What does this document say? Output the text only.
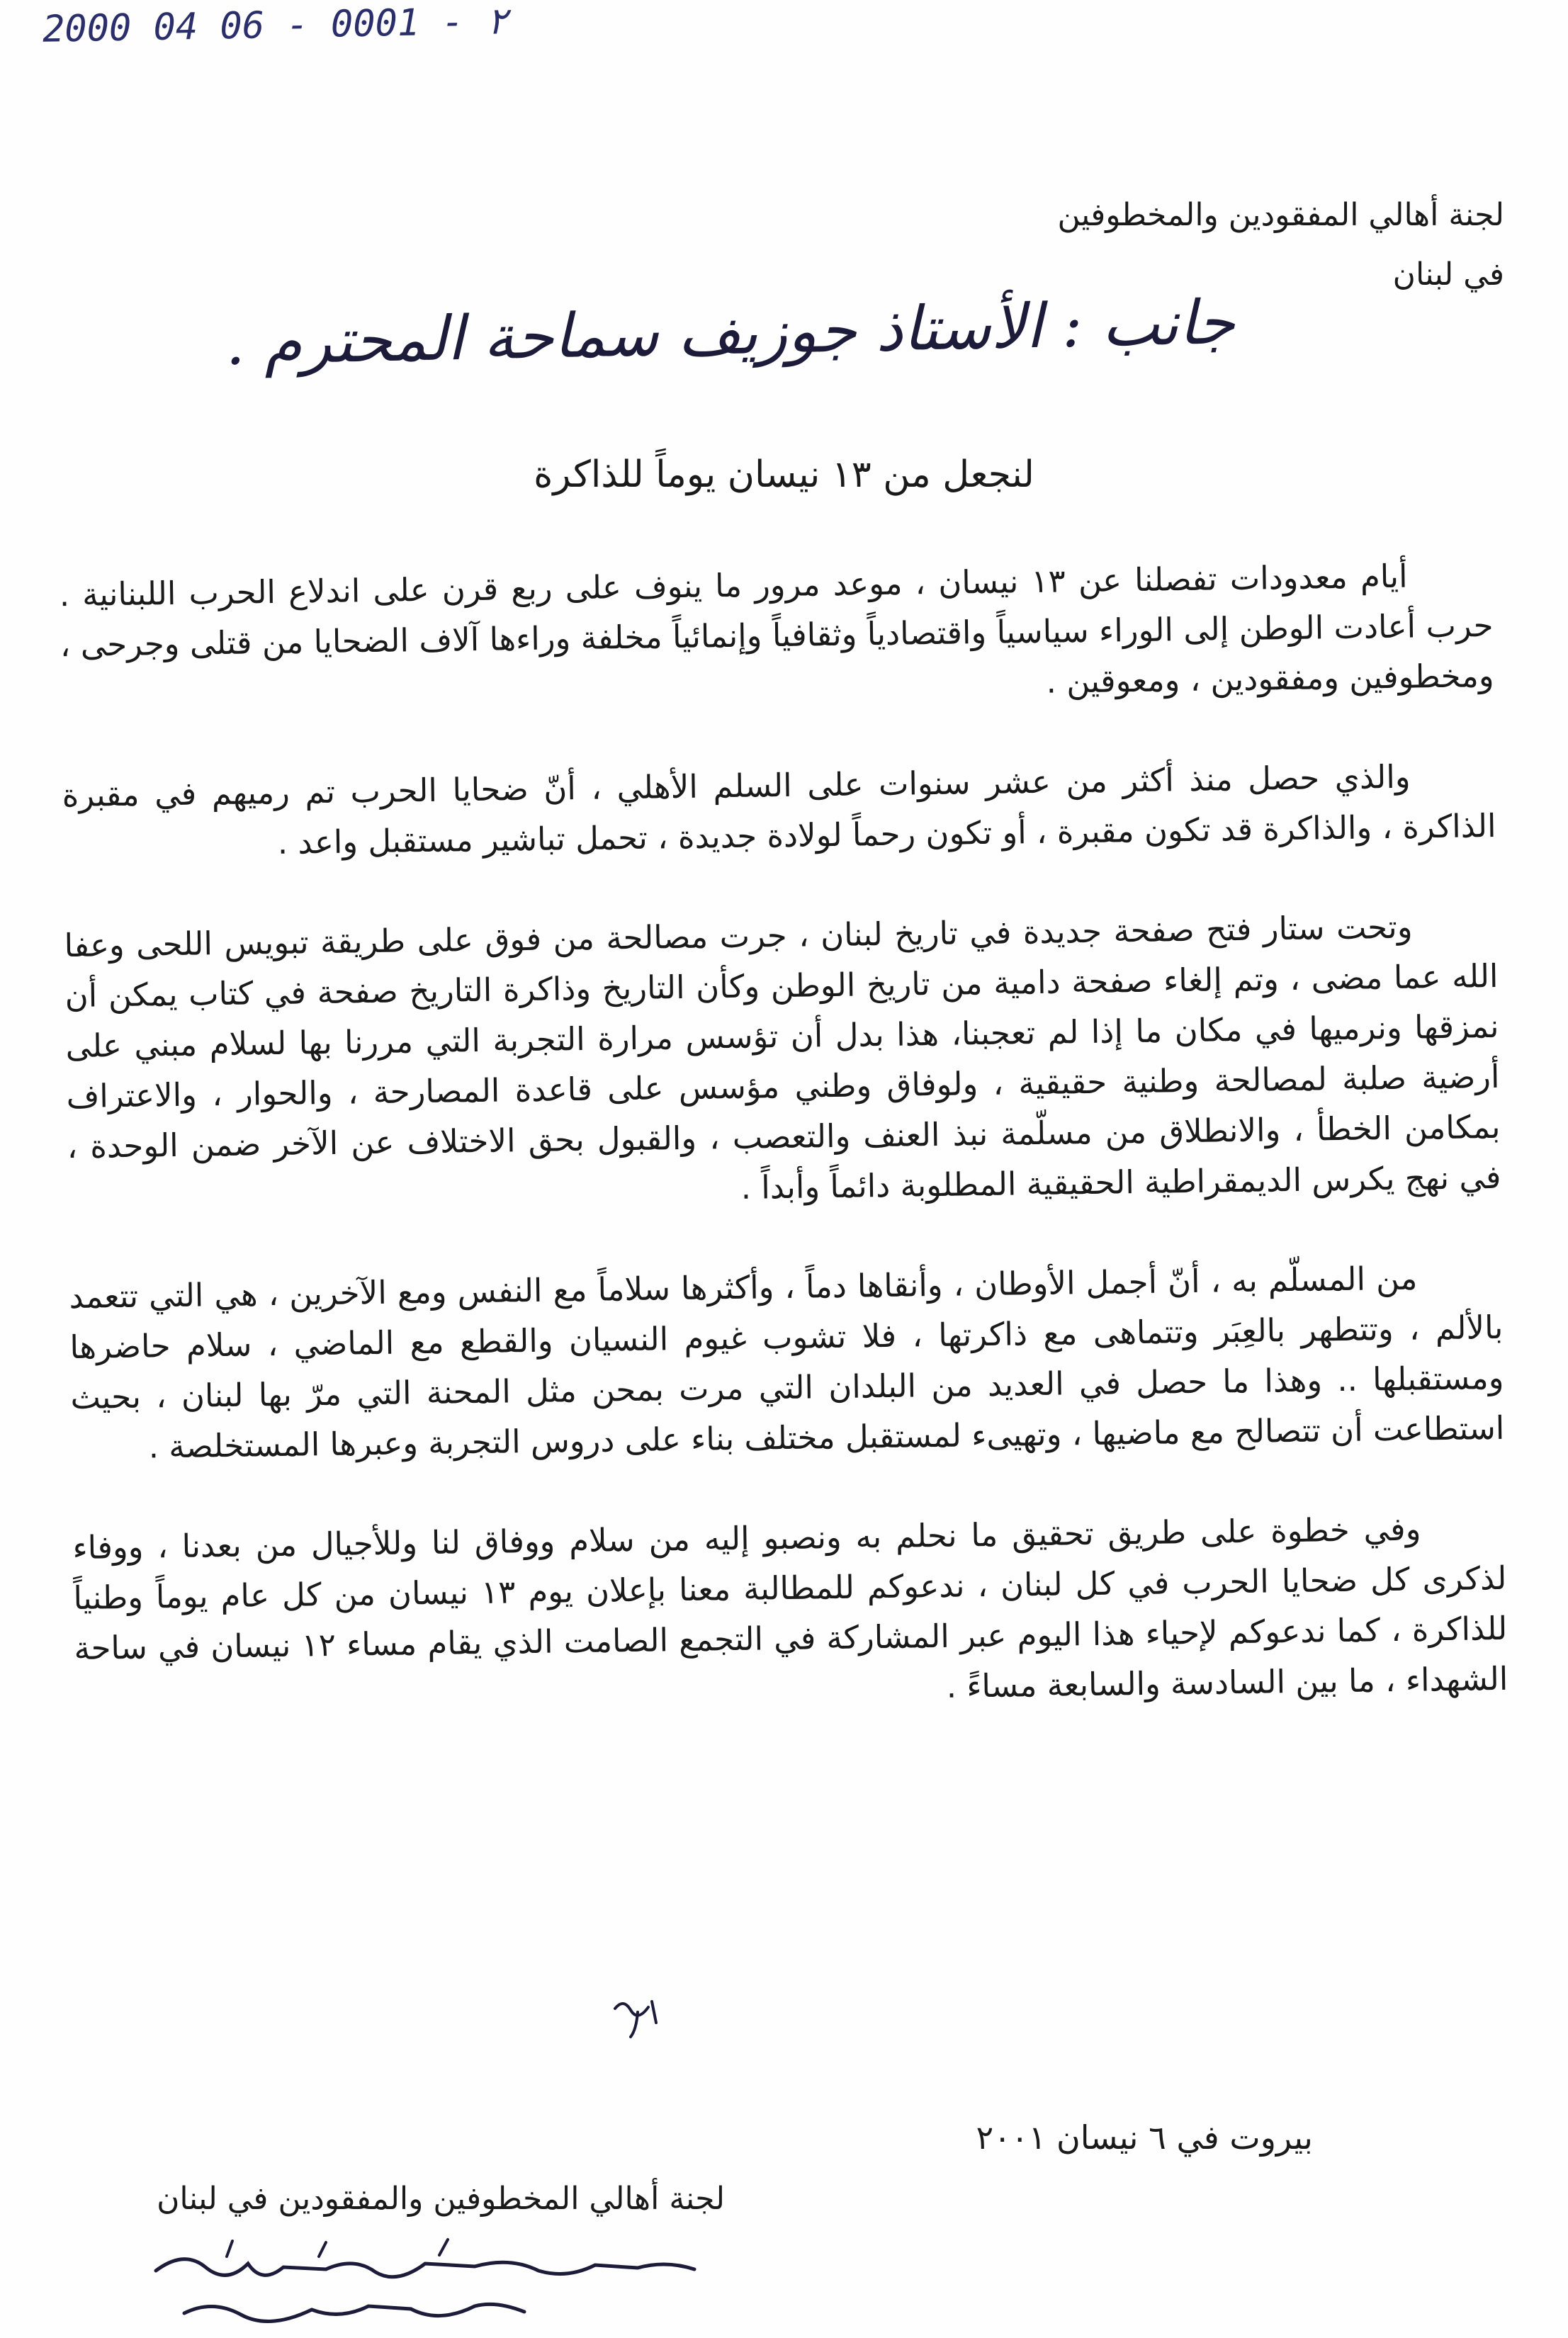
2000 04 06 - 0001 - ٢
لجنة أهالي المفقودين والمخطوفين
في لبنان
جانب : الأستاذ جوزيف سماحة المحترم .
لنجعل من ١٣ نيسان يوماً للذاكرة

أيام معدودات تفصلنا عن ١٣ نيسان ، موعد مرور ما ينوف على ربع قرن على اندلاع الحرب اللبنانية . حرب أعادت الوطن إلى الوراء سياسياً واقتصادياً وثقافياً وإنمائياً مخلفة وراءها آلاف الضحايا من قتلى وجرحى ، ومخطوفين ومفقودين ، ومعوقين .

والذي حصل منذ أكثر من عشر سنوات على السلم الأهلي ، أنّ ضحايا الحرب تم رميهم في مقبرة الذاكرة ، والذاكرة قد تكون مقبرة ، أو تكون رحماً لولادة جديدة ، تحمل تباشير مستقبل واعد .

وتحت ستار فتح صفحة جديدة في تاريخ لبنان ، جرت مصالحة من فوق على طريقة تبويس اللحى وعفا الله عما مضى ، وتم إلغاء صفحة دامية من تاريخ الوطن وكأن التاريخ وذاكرة التاريخ صفحة في كتاب يمكن أن نمزقها ونرميها في مكان ما إذا لم تعجبنا، هذا بدل أن تؤسس مرارة التجربة التي مررنا بها لسلام مبني على أرضية صلبة لمصالحة وطنية حقيقية ، ولوفاق وطني مؤسس على قاعدة المصارحة ، والحوار ، والاعتراف بمكامن الخطأ ، والانطلاق من مسلّمة نبذ العنف والتعصب ، والقبول بحق الاختلاف عن الآخر ضمن الوحدة ، في نهج يكرس الديمقراطية الحقيقية المطلوبة دائماً وأبداً .

من المسلّم به ، أنّ أجمل الأوطان ، وأنقاها دماً ، وأكثرها سلاماً مع النفس ومع الآخرين ، هي التي تتعمد بالألم ، وتتطهر بالعِبَر وتتماهى مع ذاكرتها ، فلا تشوب غيوم النسيان والقطع مع الماضي ، سلام حاضرها ومستقبلها .. وهذا ما حصل في العديد من البلدان التي مرت بمحن مثل المحنة التي مرّ بها لبنان ، بحيث استطاعت أن تتصالح مع ماضيها ، وتهيىء لمستقبل مختلف بناء على دروس التجربة وعبرها المستخلصة .

وفي خطوة على طريق تحقيق ما نحلم به ونصبو إليه من سلام ووفاق لنا وللأجيال من بعدنا ، ووفاء لذكرى كل ضحايا الحرب في كل لبنان ، ندعوكم للمطالبة معنا بإعلان يوم ١٣ نيسان من كل عام يوماً وطنياً للذاكرة ، كما ندعوكم لإحياء هذا اليوم عبر المشاركة في التجمع الصامت الذي يقام مساء ١٢ نيسان في ساحة الشهداء ، ما بين السادسة والسابعة مساءً .

بيروت في ٦ نيسان ٢٠٠١
لجنة أهالي المخطوفين والمفقودين في لبنان
